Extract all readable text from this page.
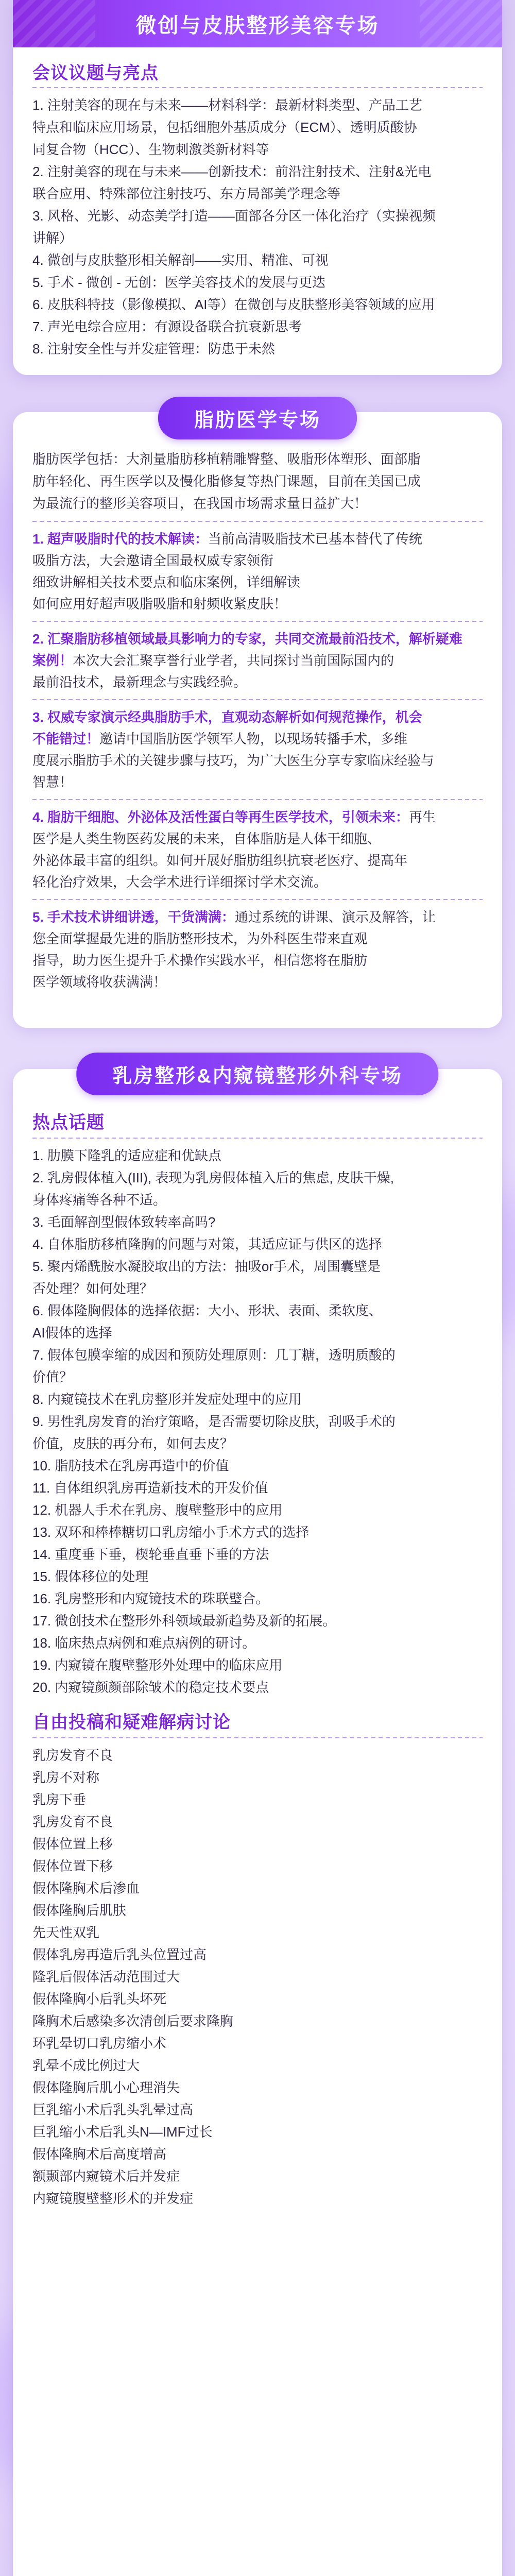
微创与皮肤整形美容专场
会议议题与亮点
1. 注射美容的现在与未来——材料科学：最新材料类型、产品工艺
特点和临床应用场景，包括细胞外基质成分（ECM）、透明质酸协
同复合物（HCC）、生物刺激类新材料等
2. 注射美容的现在与未来——创新技术：前沿注射技术、注射&光电
联合应用、特殊部位注射技巧、东方局部美学理念等
3. 风格、光影、动态美学打造——面部各分区一体化治疗（实操视频
讲解）
4. 微创与皮肤整形相关解剖——实用、精准、可视
5. 手术 - 微创 - 无创：医学美容技术的发展与更迭
6. 皮肤科特技（影像模拟、AI等）在微创与皮肤整形美容领域的应用
7. 声光电综合应用：有源设备联合抗衰新思考
8. 注射安全性与并发症管理：防患于未然
脂肪医学专场
脂肪医学包括：大剂量脂肪移植精雕臀整、吸脂形体塑形、面部脂
肪年轻化、再生医学以及慢化脂修复等热门课题，目前在美国已成
为最流行的整形美容项目，在我国市场需求量日益扩大！
1. 超声吸脂时代的技术解读：当前高清吸脂技术已基本替代了传统
吸脂方法，大会邀请全国最权威专家领衔
细致讲解相关技术要点和临床案例，详细解读
如何应用好超声吸脂吸脂和射频收紧皮肤！
2. 汇聚脂肪移植领域最具影响力的专家，共同交流最前沿技术，解析疑难
案例！本次大会汇聚享誉行业学者，共同探讨当前国际国内的
最前沿技术，最新理念与实践经验。
3. 权威专家演示经典脂肪手术，直观动态解析如何规范操作，机会
不能错过！邀请中国脂肪医学领军人物，以现场转播手术，多维
度展示脂肪手术的关键步骤与技巧，为广大医生分享专家临床经验与
智慧！
4. 脂肪干细胞、外泌体及活性蛋白等再生医学技术，引领未来：再生
医学是人类生物医药发展的未来，自体脂肪是人体干细胞、
外泌体最丰富的组织。如何开展好脂肪组织抗衰老医疗、提高年
轻化治疗效果，大会学术进行详细探讨学术交流。
5. 手术技术讲细讲透，干货满满：通过系统的讲课、演示及解答，让
您全面掌握最先进的脂肪整形技术，为外科医生带来直观
指导，助力医生提升手术操作实践水平，相信您将在脂肪
医学领域将收获满满！
乳房整形&内窥镜整形外科专场
热点话题
1. 肋膜下隆乳的适应症和优缺点
2. 乳房假体植入(III), 表现为乳房假体植入后的焦虑, 皮肤干燥,
身体疼痛等各种不适。
3. 毛面解剖型假体致转率高吗?
4. 自体脂肪移植隆胸的问题与对策，其适应证与供区的选择
5. 聚丙烯酰胺水凝胶取出的方法：抽吸or手术，周围囊壁是
否处理？如何处理？
6. 假体隆胸假体的选择依据：大小、形状、表面、柔软度、
AI假体的选择
7. 假体包膜挛缩的成因和预防处理原则：几丁糖，透明质酸的
价值？
8. 内窥镜技术在乳房整形并发症处理中的应用
9. 男性乳房发育的治疗策略，是否需要切除皮肤，刮吸手术的
价值，皮肤的再分布，如何去皮？
10. 脂肪技术在乳房再造中的价值
11. 自体组织乳房再造新技术的开发价值
12. 机器人手术在乳房、腹壁整形中的应用
13. 双环和棒棒糖切口乳房缩小手术方式的选择
14. 重度垂下垂，楔轮垂直垂下垂的方法
15. 假体移位的处理
16. 乳房整形和内窥镜技术的珠联璧合。
17. 微创技术在整形外科领域最新趋势及新的拓展。
18. 临床热点病例和难点病例的研讨。
19. 内窥镜在腹壁整形外处理中的临床应用
20. 内窥镜颜颜部除皱术的稳定技术要点
自由投稿和疑难解病讨论
乳房发育不良
乳房不对称
乳房下垂
乳房发育不良
假体位置上移
假体位置下移
假体隆胸术后渗血
假体隆胸后肌肤
先天性双乳
假体乳房再造后乳头位置过高
隆乳后假体活动范围过大
假体隆胸小后乳头坏死
隆胸术后感染多次清创后要求隆胸
环乳晕切口乳房缩小术
乳晕不成比例过大
假体隆胸后肌小心理消失
巨乳缩小术后乳头乳晕过高
巨乳缩小术后乳头N—IMF过长
假体隆胸术后高度增高
额颞部内窥镜术后并发症
内窥镜腹壁整形术的并发症
